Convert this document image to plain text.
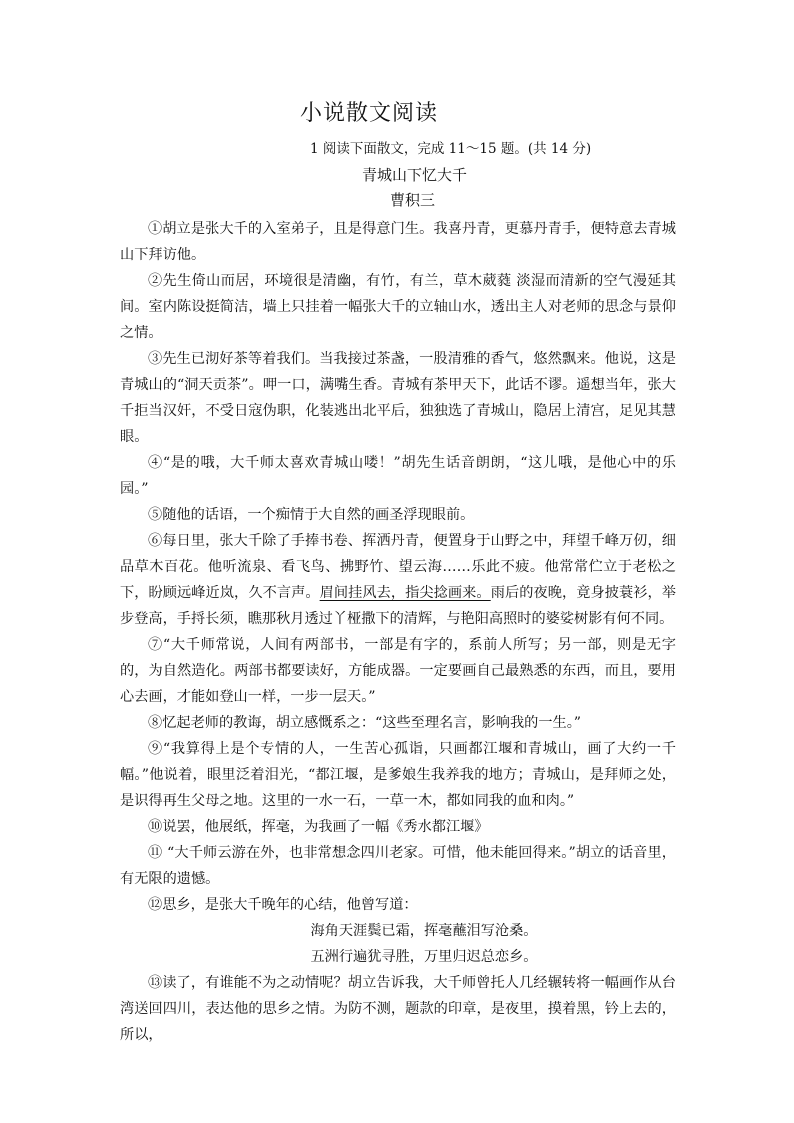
小说散文阅读
1 阅读下面散文，完成 11～15 题。(共 14 分)
青城山下忆大千
曹积三

①胡立是张大千的入室弟子，且是得意门生。我喜丹青，更慕丹青手，便特意去青城山下拜访他。

②先生倚山而居，环境很是清幽，有竹，有兰，草木葳蕤 淡湿而清新的空气漫延其间。室内陈设挺简洁，墙上只挂着一幅张大千的立轴山水，透出主人对老师的思念与景仰之情。

③先生已沏好茶等着我们。当我接过茶盏，一股清雅的香气，悠然飘来。他说，这是青城山的“洞天贡茶”。呷一口，满嘴生香。青城有茶甲天下，此话不谬。遥想当年，张大千拒当汉奸，不受日寇伪职，化装逃出北平后，独独选了青城山，隐居上清宫，足见其慧眼。

④“是的哦，大千师太喜欢青城山喽！”胡先生话音朗朗，“这儿哦，是他心中的乐园。”

⑤随他的话语，一个痴情于大自然的画圣浮现眼前。

⑥每日里，张大千除了手捧书卷、挥洒丹青，便置身于山野之中，拜望千峰万仞，细品草木百花。他听流泉、看飞鸟、拂野竹、望云海……乐此不疲。他常常伫立于老松之下，盼顾远峰近岚，久不言声。眉间挂风去，指尖捻画来。雨后的夜晚，竟身披蓑衫，举步登高，手捋长须，瞧那秋月透过丫桠撒下的清辉，与艳阳高照时的婆娑树影有何不同。

⑦“大千师常说，人间有两部书，一部是有字的，系前人所写；另一部，则是无字的，为自然造化。两部书都要读好，方能成器。一定要画自己最熟悉的东西，而且，要用心去画，才能如登山一样，一步一层天。”

⑧忆起老师的教诲，胡立感慨系之：“这些至理名言，影响我的一生。”

⑨“我算得上是个专情的人，一生苦心孤诣，只画都江堰和青城山，画了大约一千幅。”他说着，眼里泛着泪光，“都江堰，是爹娘生我养我的地方；青城山，是拜师之处，是识得再生父母之地。这里的一水一石，一草一木，都如同我的血和肉。”

⑩说罢，他展纸，挥毫，为我画了一幅《秀水都江堰》

⑪ “大千师云游在外，也非常想念四川老家。可惜，他未能回得来。”胡立的话音里，有无限的遗憾。

⑫思乡，是张大千晚年的心结，他曾写道：

海角天涯鬓已霜，挥毫蘸泪写沧桑。

五洲行遍犹寻胜，万里归迟总恋乡。

⑬读了，有谁能不为之动情呢？胡立告诉我，大千师曾托人几经辗转将一幅画作从台湾送回四川，表达他的思乡之情。为防不测，题款的印章，是夜里，摸着黑，钤上去的，所以，
